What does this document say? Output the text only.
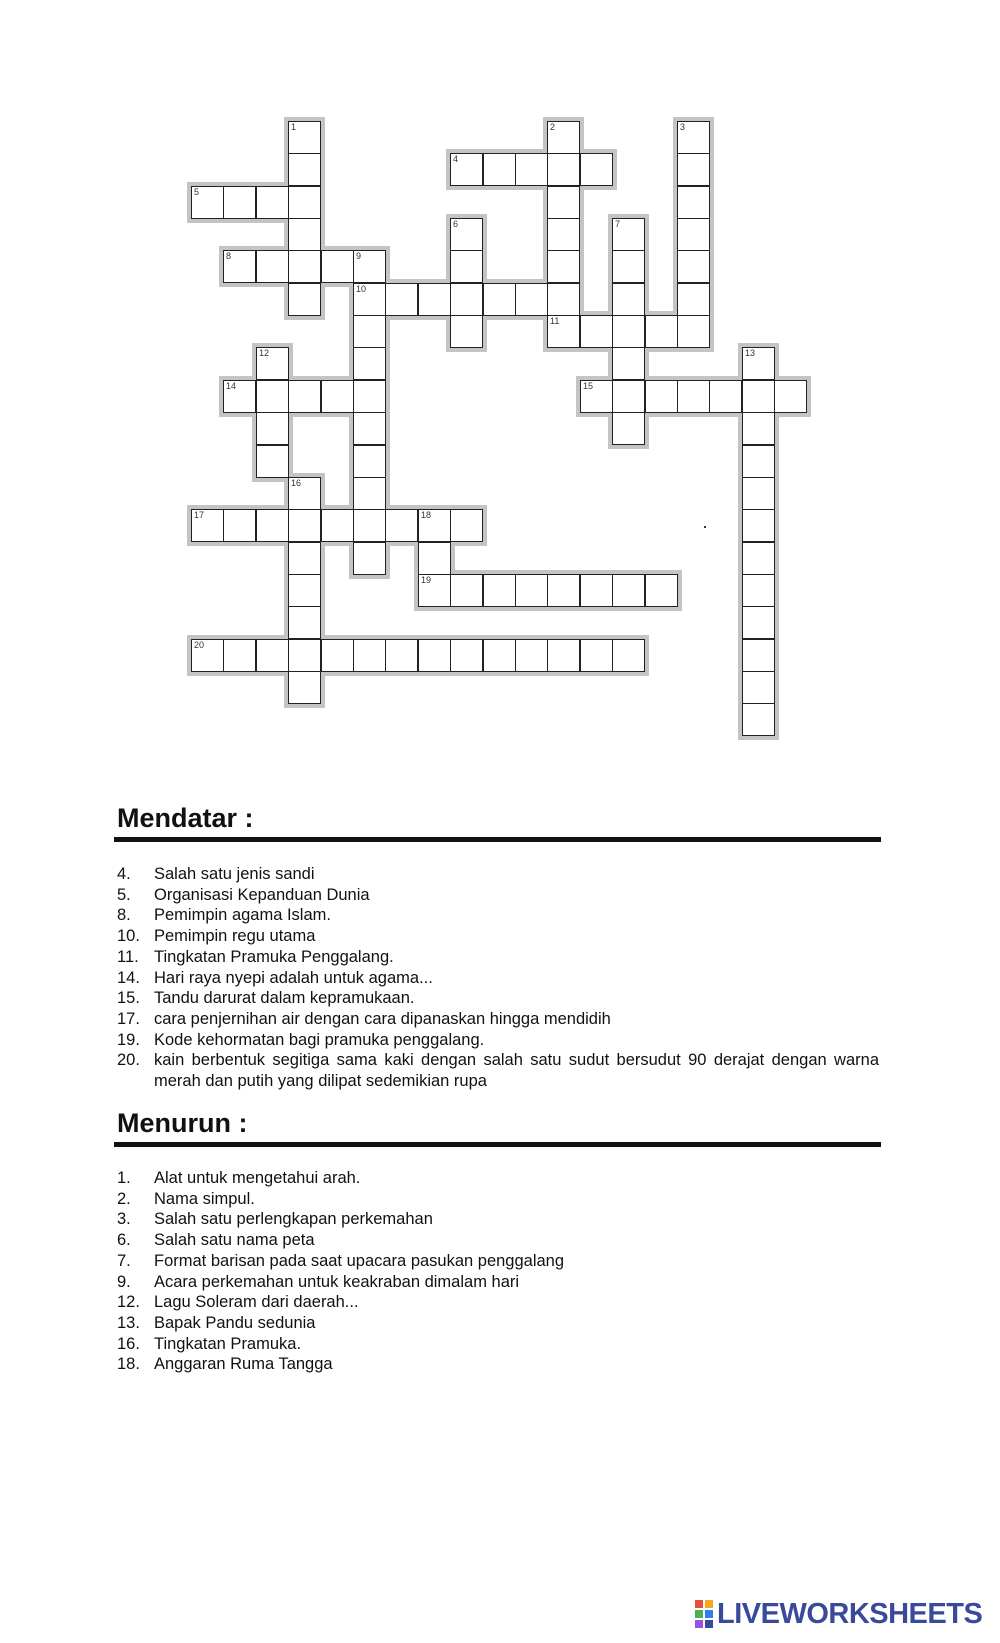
1	2
11
3
4
5
6	7
8	9
10
12	13
14	15
16
17	18
19
20
Mendatar :
4. Salah satu jenis sandi
5. Organisasi Kepanduan Dunia
8. Pemimpin agama Islam.
10. Pemimpin regu utama
11. Tingkatan Pramuka Penggalang.
14. Hari raya nyepi adalah untuk agama...
15. Tandu darurat dalam kepramukaan.
17. cara penjernihan air dengan cara dipanaskan hingga mendidih
19. Kode kehormatan bagi pramuka penggalang.
20. kain berbentuk segitiga sama kaki dengan salah satu sudut bersudut 90 derajat dengan warna merah dan putih yang dilipat sedemikian rupa
Menurun :
1. Alat untuk mengetahui arah.
2. Nama simpul.
3. Salah satu perlengkapan perkemahan
6. Salah satu nama peta
7. Format barisan pada saat upacara pasukan penggalang
9. Acara perkemahan untuk keakraban dimalam hari
12. Lagu Soleram dari daerah...
13. Bapak Pandu sedunia
16. Tingkatan Pramuka.
18. Anggaran Ruma Tangga
LIVEWORKSHEETS
